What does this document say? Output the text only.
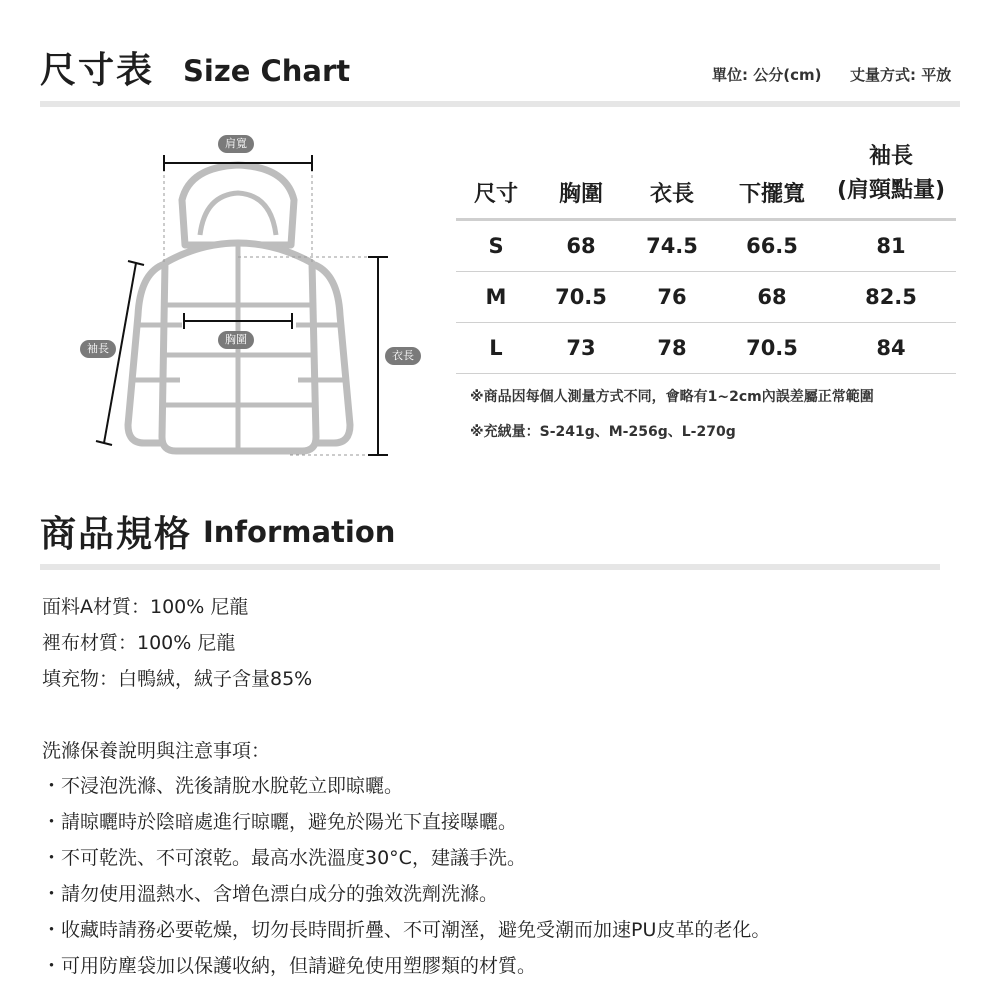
尺寸表 Size Chart	單位: 公分(cm) 丈量方式: 平放
肩寬
胸圍
袖長
衣長
尺寸	胸圍	衣長	下擺寬	袖長
(肩頸點量)

S	68	74.5	66.5	81
M	70.5	76	68	82.5
L	73	78	70.5	84
※商品因每個人測量方式不同，會略有1~2cm內誤差屬正常範圍
※充絨量：S-241g、M-256g、L-270g
商品規格 Information
面料A材質：100% 尼龍
裡布材質：100% 尼龍
填充物：白鴨絨，絨子含量85%
洗滌保養說明與注意事項：
・不浸泡洗滌、洗後請脫水脫乾立即晾曬。
・請晾曬時於陰暗處進行晾曬，避免於陽光下直接曝曬。
・不可乾洗、不可滾乾。最高水洗溫度30°C，建議手洗。
・請勿使用溫熱水、含增色漂白成分的強效洗劑洗滌。
・收藏時請務必要乾燥，切勿長時間折疊、不可潮溼，避免受潮而加速PU皮革的老化。
・可用防塵袋加以保護收納，但請避免使用塑膠類的材質。
